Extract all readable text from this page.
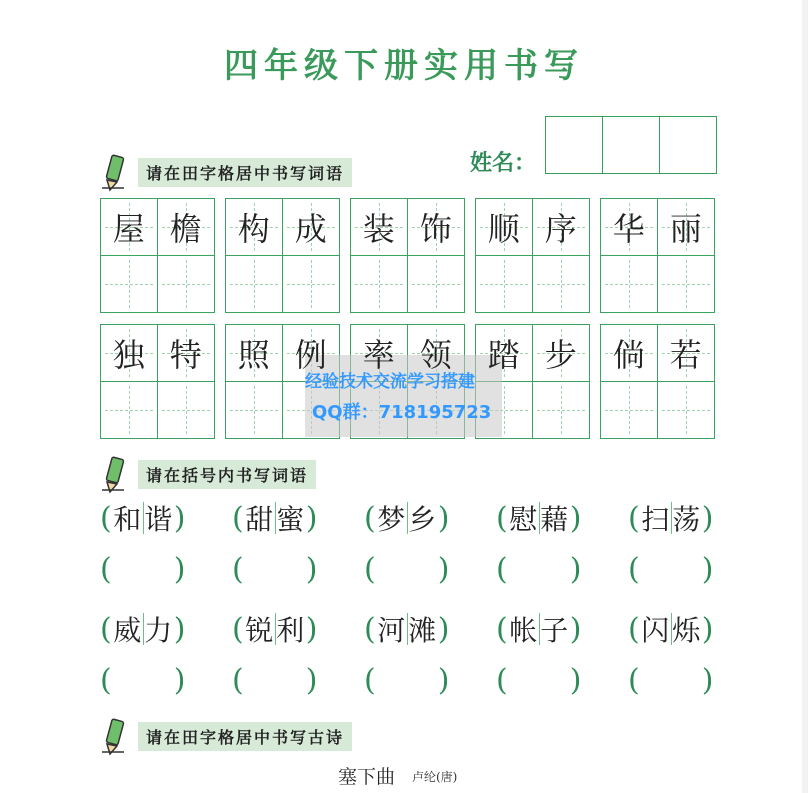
四年级下册实用书写
姓名：
请在田字格居中书写词语
屋 檐 构 成 装 饰 顺 序 华 丽
独 特 照 例 率 领 踏 步 倘 若
经验技术交流学习搭建
QQ群：718195723
请在括号内书写词语
( 和 谐 ) ( 甜 蜜 ) ( 梦 乡 ) ( 慰 藉 ) ( 扫 荡 )
( ) ( ) ( ) ( ) ( )
( 威 力 ) ( 锐 利 ) ( 河 滩 ) ( 帐 子 ) ( 闪 烁 )
( ) ( ) ( ) ( ) ( )
请在田字格居中书写古诗
塞下曲 卢纶(唐)
